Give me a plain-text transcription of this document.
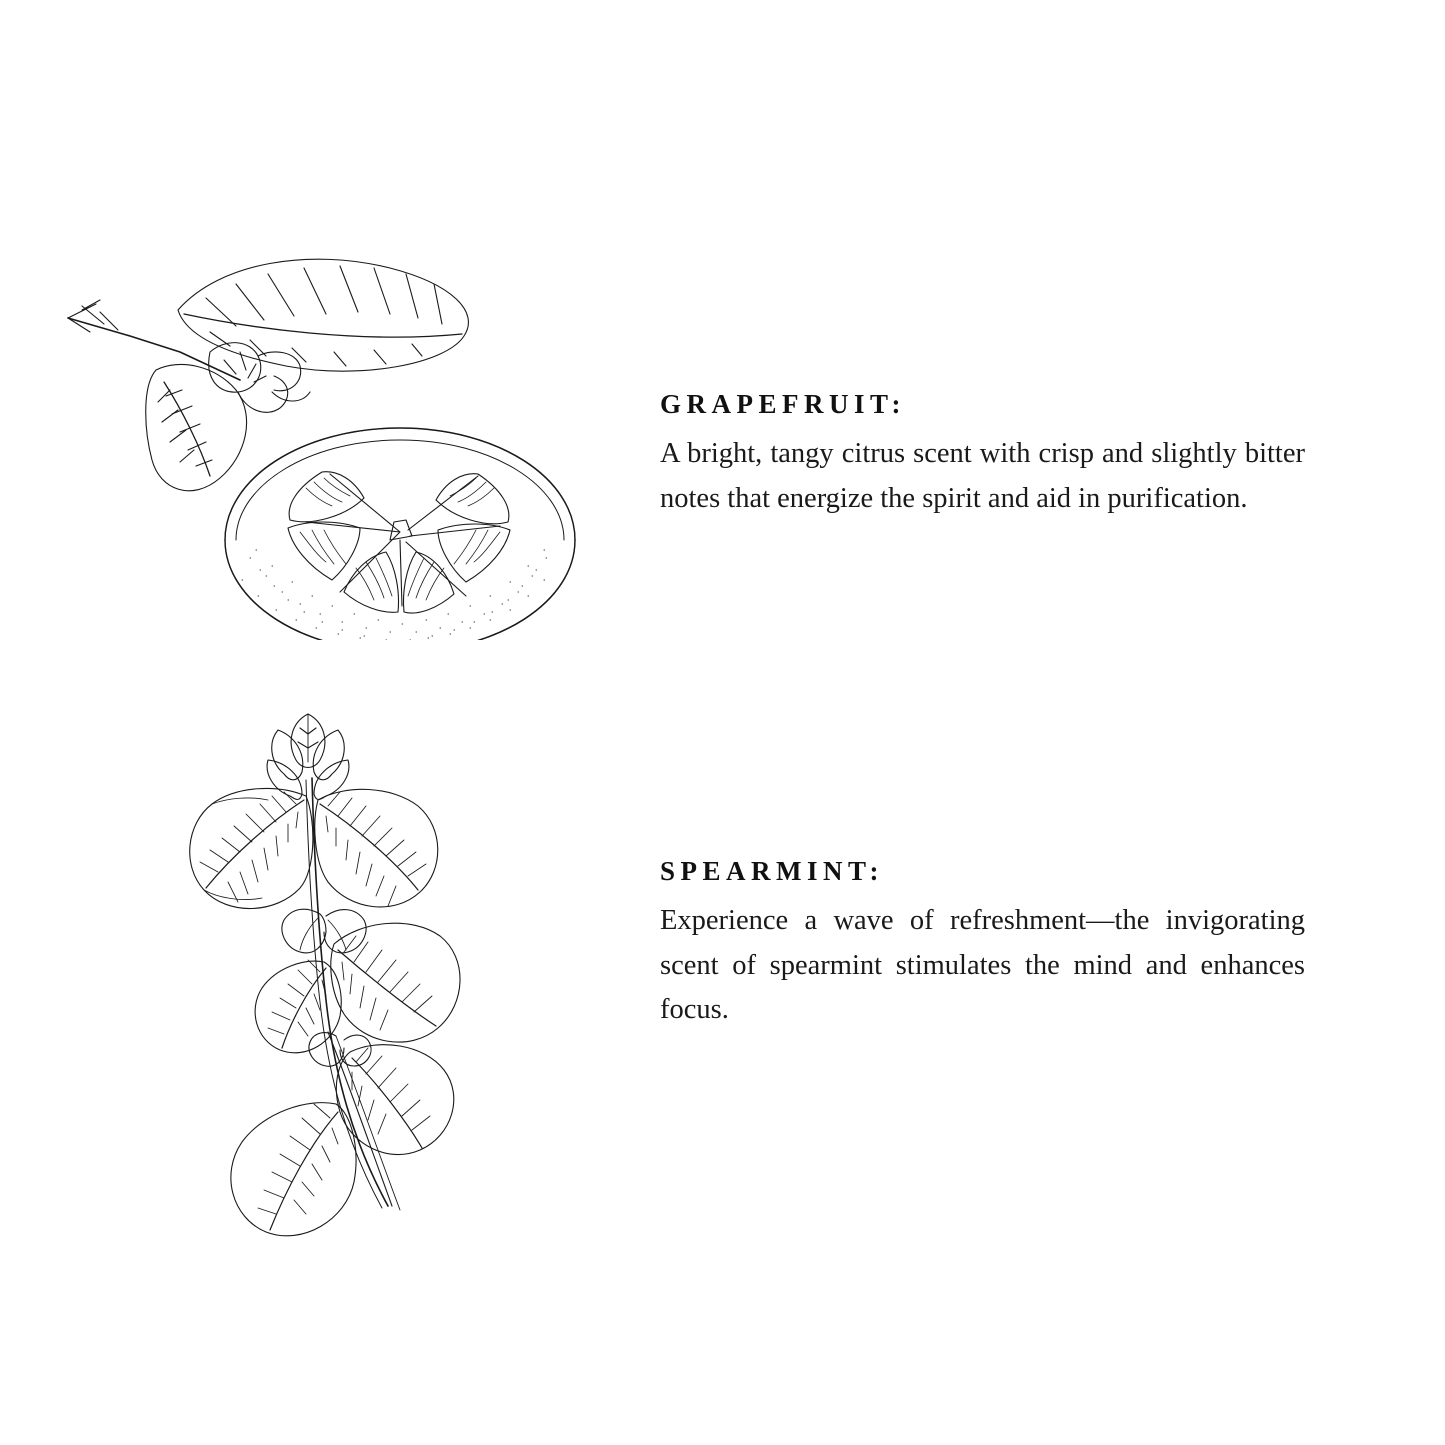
GRAPEFRUIT:

A bright, tangy citrus scent with crisp and slightly bitter notes that energize the spirit and aid in purification.

SPEARMINT:

Experience a wave of refreshment—the invigorating scent of spearmint stimulates the mind and enhances focus.
